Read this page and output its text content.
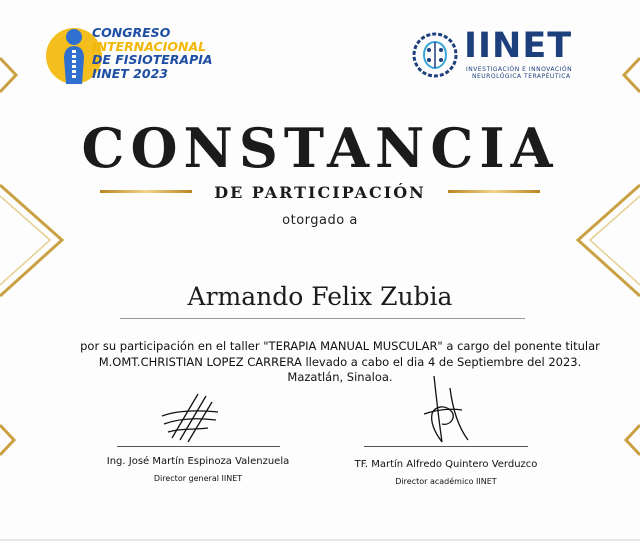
CONGRESO
INTERNACIONAL
DE FISIOTERAPIA
IINET 2023
IINET
INVESTIGACIÓN E INNOVACIÓN
NEUROLÓGICA TERAPÉUTICA
CONSTANCIA
DE PARTICIPACIÓN
otorgado a
Armando Felix Zubia
por su participación en el taller "TERAPIA MANUAL MUSCULAR" a cargo del ponente titular
M.OMT.CHRISTIAN LOPEZ CARRERA llevado a cabo el dia 4 de Septiembre del 2023.
Mazatlán, Sinaloa.
Ing. José Martín Espinoza Valenzuela
Director general IINET
TF. Martín Alfredo Quintero Verduzco
Director académico IINET
